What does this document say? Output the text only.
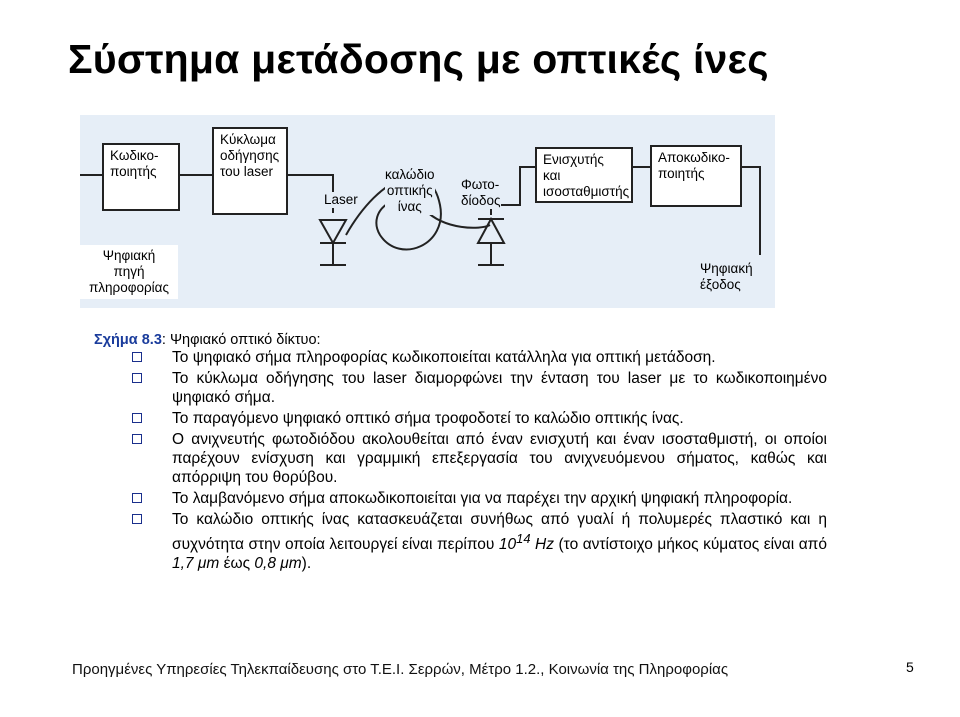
Σύστημα μετάδοσης με οπτικές ίνες
Κωδικο-
ποιητής
Κύκλωμα
οδήγησης
του laser
Laser
καλώδιο
οπτικής
ίνας
Φωτο-
δίοδος
Ενισχυτής και
ισοσταθμιστής
Αποκωδικο-
ποιητής
Ψηφιακή
πηγή
πληροφορίας
Ψηφιακή
έξοδος
Σχήμα 8.3: Ψηφιακό οπτικό δίκτυο:
Το ψηφιακό σήμα πληροφορίας κωδικοποιείται κατάλληλα για οπτική μετάδοση.
Το κύκλωμα οδήγησης του laser διαμορφώνει την ένταση του laser με το κωδικοποιημένο ψηφιακό σήμα.
Το παραγόμενο ψηφιακό οπτικό σήμα τροφοδοτεί το καλώδιο οπτικής ίνας.
Ο ανιχνευτής φωτοδιόδου ακολουθείται από έναν ενισχυτή και έναν ισοσταθμιστή, οι οποίοι παρέχουν ενίσχυση και γραμμική επεξεργασία του ανιχνευόμενου σήματος, καθώς και απόρριψη του θορύβου.
Το λαμβανόμενο σήμα αποκωδικοποιείται για να παρέχει την αρχική ψηφιακή πληροφορία.
Το καλώδιο οπτικής ίνας κατασκευάζεται συνήθως από γυαλί ή πολυμερές πλαστικό και η συχνότητα στην οποία λειτουργεί είναι περίπου $10^{14}$ Hz (το αντίστοιχο μήκος κύματος είναι από 1,7 μm έως 0,8 μm).
Προηγμένες Υπηρεσίες Τηλεκπαίδευσης στο Τ.Ε.Ι. Σερρών, Μέτρο 1.2., Κοινωνία της Πληροφορίας	5
